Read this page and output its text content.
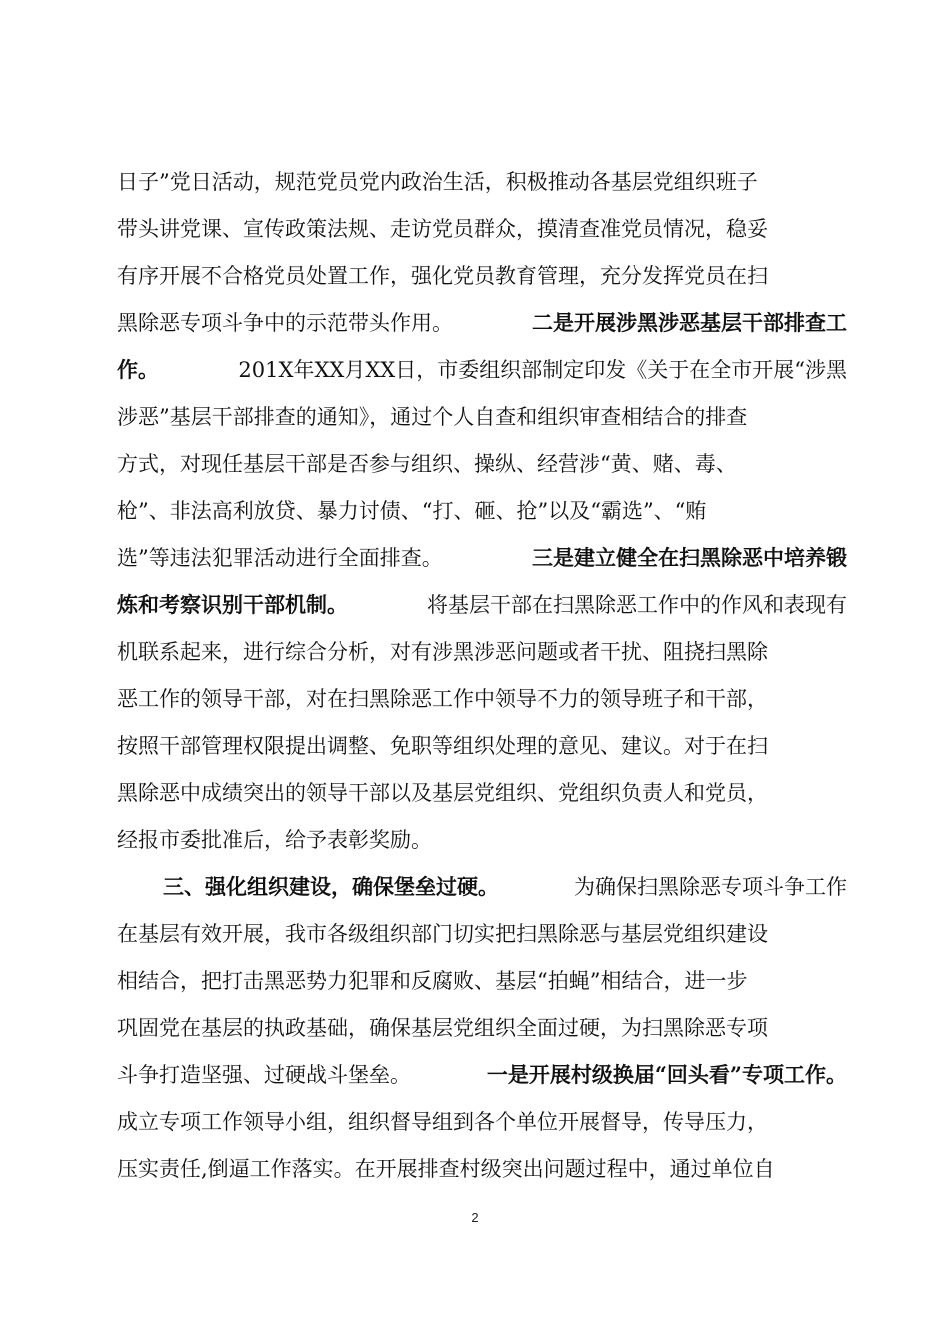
日子”党日活动，规范党员党内政治生活，积极推动各基层党组织班子
带头讲党课、宣传政策法规、走访党员群众，摸清查准党员情况，稳妥
有序开展不合格党员处置工作，强化党员教育管理，充分发挥党员在扫
黑除恶专项斗争中的示范带头作用。	二是开展涉黑涉恶基层干部排查工
作。	201X年XX月XX日，市委组织部制定印发《关于在全市开展“涉黑
涉恶”基层干部排查的通知》，通过个人自查和组织审查相结合的排查
方式，对现任基层干部是否参与组织、操纵、经营涉“黄、赌、毒、
枪”、非法高利放贷、暴力讨债、“打、砸、抢”以及“霸选”、“贿
选”等违法犯罪活动进行全面排查。	三是建立健全在扫黑除恶中培养锻
炼和考察识别干部机制。	将基层干部在扫黑除恶工作中的作风和表现有
机联系起来，进行综合分析，对有涉黑涉恶问题或者干扰、阻挠扫黑除
恶工作的领导干部，对在扫黑除恶工作中领导不力的领导班子和干部，
按照干部管理权限提出调整、免职等组织处理的意见、建议。对于在扫
黑除恶中成绩突出的领导干部以及基层党组织、党组织负责人和党员，
经报市委批准后，给予表彰奖励。
三、强化组织建设，确保堡垒过硬。	为确保扫黑除恶专项斗争工作
在基层有效开展，我市各级组织部门切实把扫黑除恶与基层党组织建设
相结合，把打击黑恶势力犯罪和反腐败、基层“拍蝇”相结合，进一步
巩固党在基层的执政基础，确保基层党组织全面过硬，为扫黑除恶专项
斗争打造坚强、过硬战斗堡垒。	一是开展村级换届“回头看”专项工作。
成立专项工作领导小组，组织督导组到各个单位开展督导，传导压力，
压实责任,倒逼工作落实。在开展排查村级突出问题过程中，通过单位自
2
